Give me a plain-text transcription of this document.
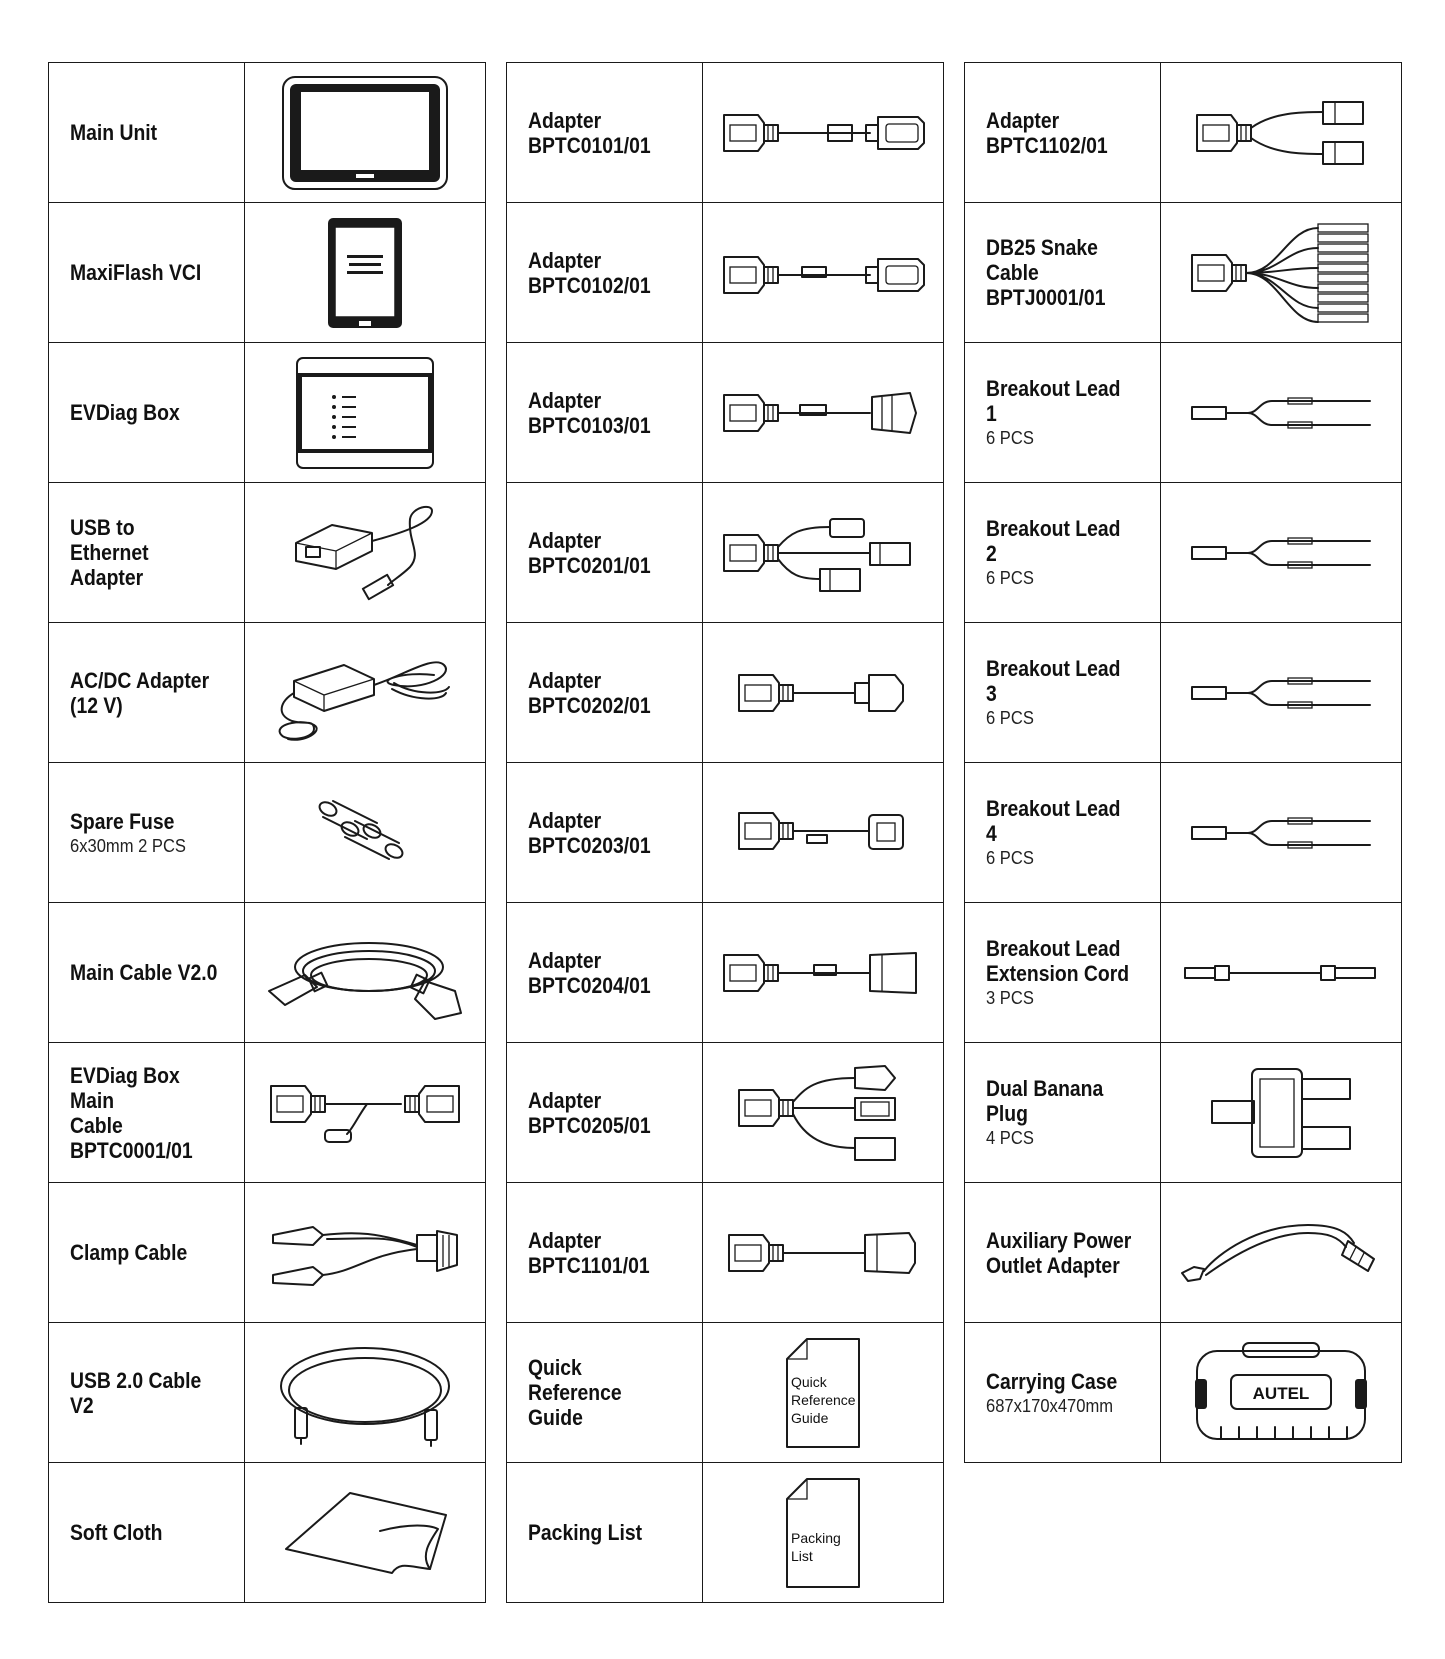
Main Unit
MaxiFlash VCI
EVDiag Box
USB to Ethernet
Adapter
AC/DC Adapter
(12 V)
Spare Fuse
6x30mm 2 PCS
Main Cable V2.0
EVDiag Box Main
Cable
BPTC0001/01
Clamp Cable
USB 2.0 Cable V2
Soft Cloth
Adapter
BPTC0101/01
Adapter
BPTC0102/01
Adapter
BPTC0103/01
Adapter
BPTC0201/01
Adapter
BPTC0202/01
Adapter
BPTC0203/01
Adapter
BPTC0204/01
Adapter
BPTC0205/01
Adapter
BPTC1101/01
Quick Reference
Guide
Quick
Reference
Guide
Packing List	Packing
List
Adapter
BPTC1102/01
DB25 Snake
Cable
BPTJ0001/01
Breakout Lead 1
6 PCS
Breakout Lead 2
6 PCS
Breakout Lead 3
6 PCS
Breakout Lead 4
6 PCS
Breakout Lead
Extension Cord
3 PCS
Dual Banana Plug
4 PCS
Auxiliary Power
Outlet Adapter
Carrying Case
687x170x470mm
AUTEL
